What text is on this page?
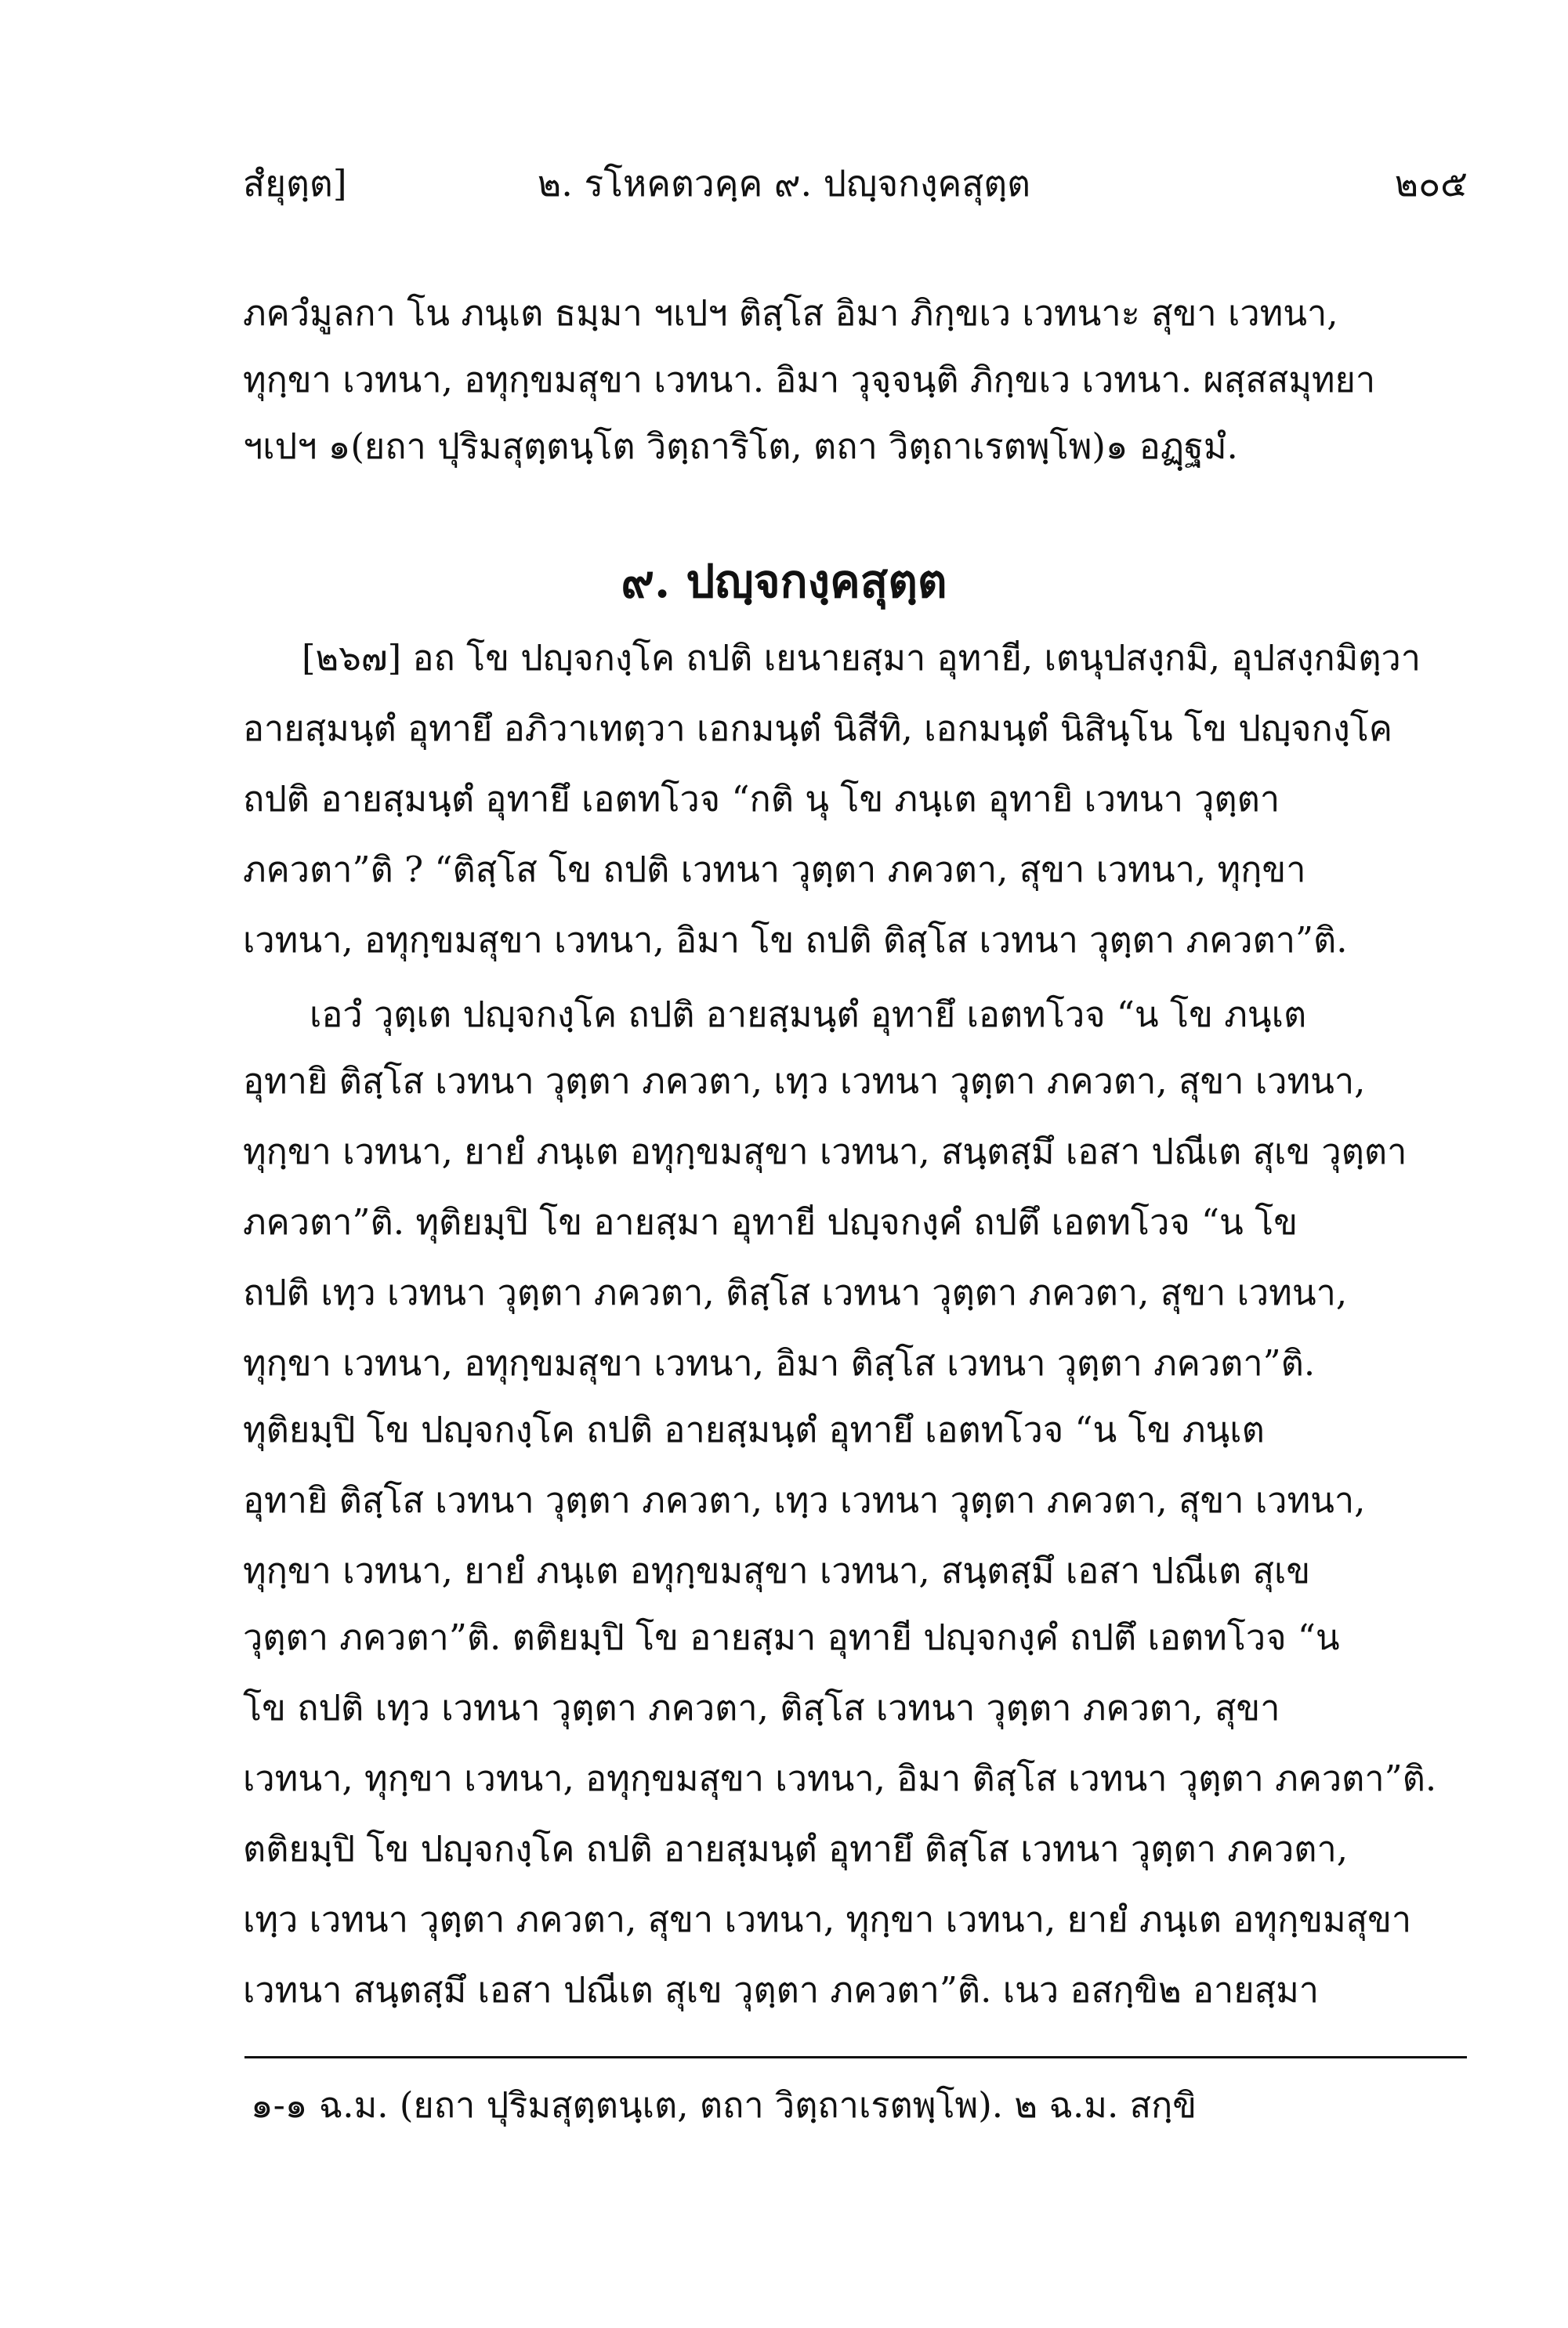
สํยุตฺต]	๒. รโหคตวคฺค ๙. ปญฺจกงฺคสุตฺต	๒๐๕
ภควํมูลกา โน ภนฺเต ธมฺมา ฯเปฯ ติสฺโส อิมา ภิกฺขเว เวทนาะ สุขา เวทนา,
ทุกฺขา เวทนา, อทุกฺขมสุขา เวทนา. อิมา วุจฺจนฺติ ภิกฺขเว เวทนา. ผสฺสสมุทยา
ฯเปฯ ๑(ยถา ปุริมสุตฺตนฺโต วิตฺถาริโต, ตถา วิตฺถาเรตพฺโพ)๑ อฏฺฐมํ.
๙. ปญฺจกงฺคสุตฺต
[๒๖๗] อถ โข ปญฺจกงฺโค ถปติ เยนายสฺมา อุทายี, เตนุปสงฺกมิ, อุปสงฺกมิตฺวา
อายสฺมนฺตํ อุทายึ อภิวาเทตฺวา เอกมนฺตํ นิสีทิ, เอกมนฺตํ นิสินฺโน โข ปญฺจกงฺโค
ถปติ อายสฺมนฺตํ อุทายึ เอตทโวจ “กติ นุ โข ภนฺเต อุทายิ เวทนา วุตฺตา
ภควตา”ติ ? “ติสฺโส โข ถปติ เวทนา วุตฺตา ภควตา, สุขา เวทนา, ทุกฺขา
เวทนา, อทุกฺขมสุขา เวทนา, อิมา โข ถปติ ติสฺโส เวทนา วุตฺตา ภควตา”ติ.
เอวํ วุตฺเต ปญฺจกงฺโค ถปติ อายสฺมนฺตํ อุทายึ เอตทโวจ “น โข ภนฺเต
อุทายิ ติสฺโส เวทนา วุตฺตา ภควตา, เทฺว เวทนา วุตฺตา ภควตา, สุขา เวทนา,
ทุกฺขา เวทนา, ยายํ ภนฺเต อทุกฺขมสุขา เวทนา, สนฺตสฺมึ เอสา ปณีเต สุเข วุตฺตา
ภควตา”ติ. ทุติยมฺปิ โข อายสฺมา อุทายี ปญฺจกงฺคํ ถปตึ เอตทโวจ “น โข
ถปติ เทฺว เวทนา วุตฺตา ภควตา, ติสฺโส เวทนา วุตฺตา ภควตา, สุขา เวทนา,
ทุกฺขา เวทนา, อทุกฺขมสุขา เวทนา, อิมา ติสฺโส เวทนา วุตฺตา ภควตา”ติ.
ทุติยมฺปิ โข ปญฺจกงฺโค ถปติ อายสฺมนฺตํ อุทายึ เอตทโวจ “น โข ภนฺเต
อุทายิ ติสฺโส เวทนา วุตฺตา ภควตา, เทฺว เวทนา วุตฺตา ภควตา, สุขา เวทนา,
ทุกฺขา เวทนา, ยายํ ภนฺเต อทุกฺขมสุขา เวทนา, สนฺตสฺมึ เอสา ปณีเต สุเข
วุตฺตา ภควตา”ติ. ตติยมฺปิ โข อายสฺมา อุทายี ปญฺจกงฺคํ ถปตึ เอตทโวจ “น
โข ถปติ เทฺว เวทนา วุตฺตา ภควตา, ติสฺโส เวทนา วุตฺตา ภควตา, สุขา
เวทนา, ทุกฺขา เวทนา, อทุกฺขมสุขา เวทนา, อิมา ติสฺโส เวทนา วุตฺตา ภควตา”ติ.
ตติยมฺปิ โข ปญฺจกงฺโค ถปติ อายสฺมนฺตํ อุทายึ ติสฺโส เวทนา วุตฺตา ภควตา,
เทฺว เวทนา วุตฺตา ภควตา, สุขา เวทนา, ทุกฺขา เวทนา, ยายํ ภนฺเต อทุกฺขมสุขา
เวทนา สนฺตสฺมึ เอสา ปณีเต สุเข วุตฺตา ภควตา”ติ. เนว อสกฺขิ๒ อายสฺมา
๑-๑ ฉ.ม. (ยถา ปุริมสุตฺตนฺเต, ตถา วิตฺถาเรตพฺโพ). ๒ ฉ.ม. สกฺขิ
